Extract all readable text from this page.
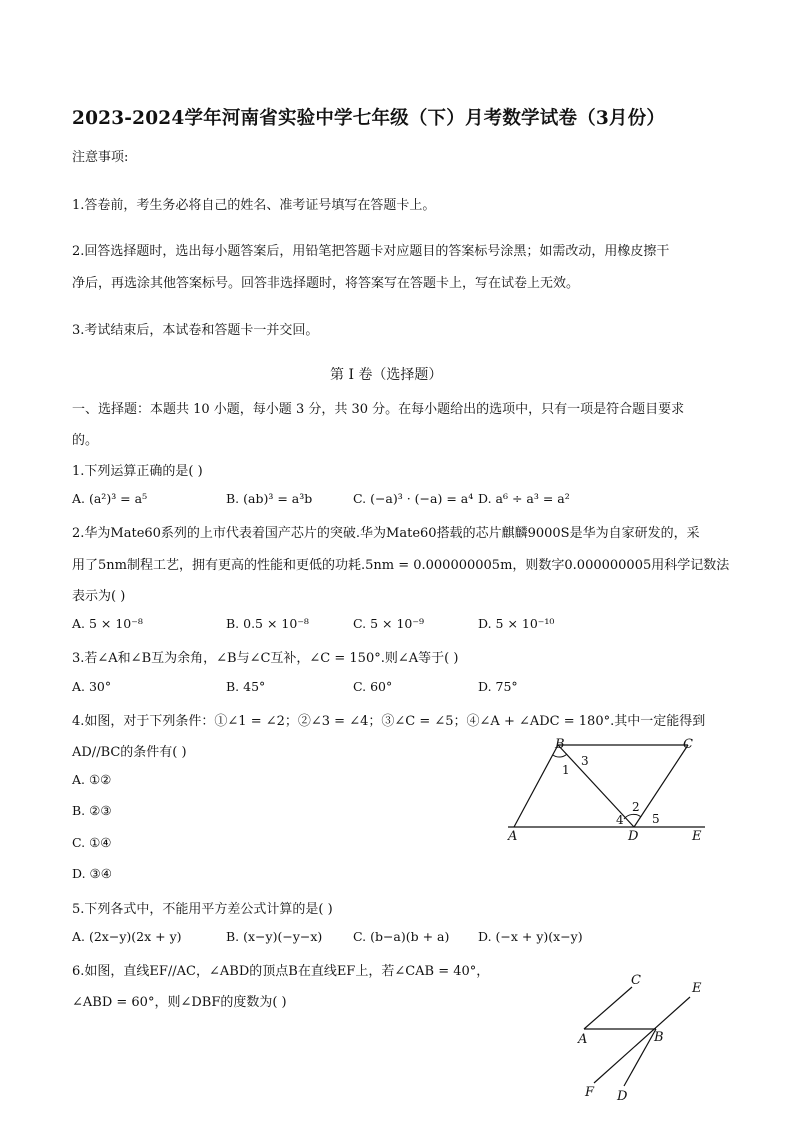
2023-2024学年河南省实验中学七年级（下）月考数学试卷（3月份）
注意事项:
1.答卷前，考生务必将自己的姓名、准考证号填写在答题卡上。
2.回答选择题时，选出每小题答案后，用铅笔把答题卡对应题目的答案标号涂黑；如需改动，用橡皮擦干
净后，再选涂其他答案标号。回答非选择题时，将答案写在答题卡上，写在试卷上无效。
3.考试结束后，本试卷和答题卡一并交回。
第 I 卷（选择题）
一、选择题：本题共 10 小题，每小题 3 分，共 30 分。在每小题给出的选项中，只有一项是符合题目要求
的。
1.下列运算正确的是( )
A. (a²)³ = a⁵	B. (ab)³ = a³b	C. (−a)³ · (−a) = a⁴ D. a⁶ ÷ a³ = a²
2.华为Mate60系列的上市代表着国产芯片的突破.华为Mate60搭载的芯片麒麟9000S是华为自家研发的，采
用了5nm制程工艺，拥有更高的性能和更低的功耗.5nm = 0.000000005m，则数字0.000000005用科学记数法
表示为( )
A. 5 × 10⁻⁸	B. 0.5 × 10⁻⁸	C. 5 × 10⁻⁹	D. 5 × 10⁻¹⁰
3.若∠A和∠B互为余角，∠B与∠C互补，∠C = 150°.则∠A等于( )
A. 30°	B. 45°	C. 60°	D. 75°
4.如图，对于下列条件：①∠1 = ∠2；②∠3 = ∠4；③∠C = ∠5；④∠A + ∠ADC = 180°.其中一定能得到
AD//BC的条件有( )
A. ①②
B. ②③
C. ①④
D. ③④
B	C
A	D	E
1
3
2
4 5
5.下列各式中，不能用平方差公式计算的是( )
A. (2x−y)(2x + y)	B. (x−y)(−y−x) C. (b−a)(b + a) D. (−x + y)(x−y)
6.如图，直线EF//AC，∠ABD的顶点B在直线EF上，若∠CAB = 40°，
∠ABD = 60°，则∠DBF的度数为( )
C
E
A	B
F D
